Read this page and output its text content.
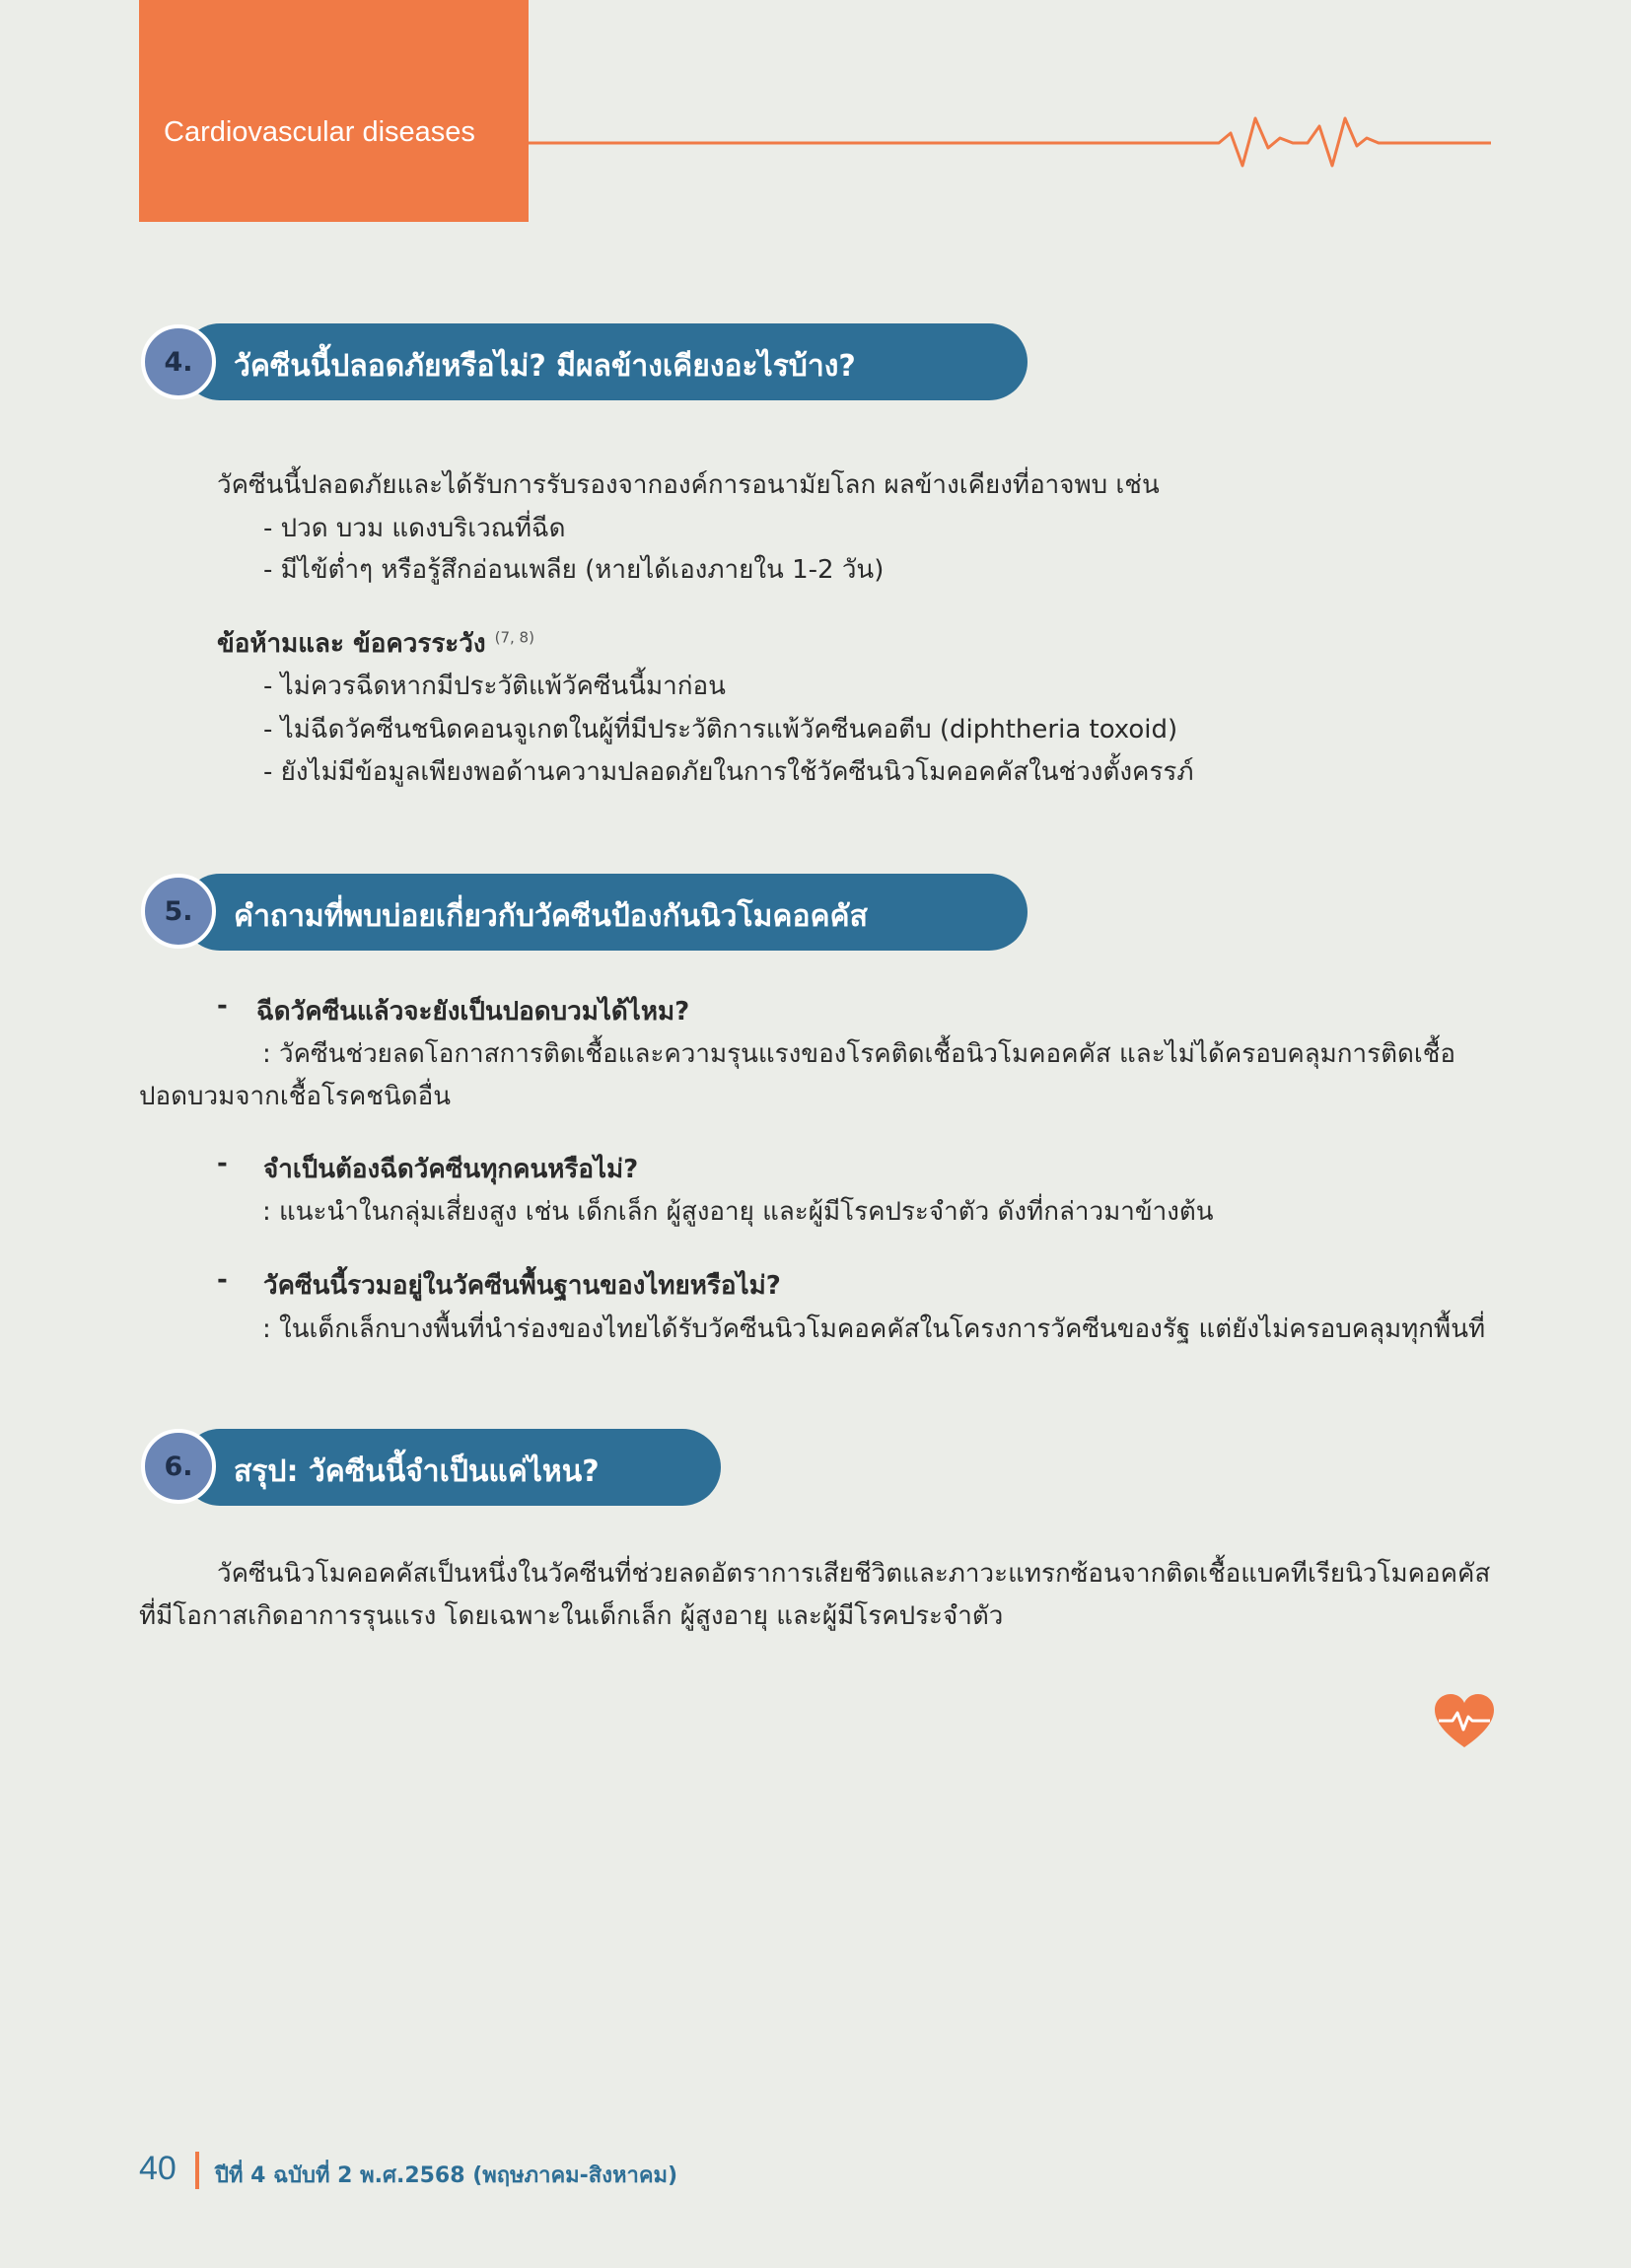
Cardiovascular diseases
4.	วัคซีนนี้ปลอดภัยหรือไม่? มีผลข้างเคียงอะไรบ้าง?
วัคซีนนี้ปลอดภัยและได้รับการรับรองจากองค์การอนามัยโลก ผลข้างเคียงที่อาจพบ เช่น
- ปวด บวม แดงบริเวณที่ฉีด
- มีไข้ต่ำๆ หรือรู้สึกอ่อนเพลีย (หายได้เองภายใน 1-2 วัน)
ข้อห้ามและ ข้อควรระวัง $^{(7, 8)}$
- ไม่ควรฉีดหากมีประวัติแพ้วัคซีนนี้มาก่อน
- ไม่ฉีดวัคซีนชนิดคอนจูเกตในผู้ที่มีประวัติการแพ้วัคซีนคอตีบ (diphtheria toxoid)
- ยังไม่มีข้อมูลเพียงพอด้านความปลอดภัยในการใช้วัคซีนนิวโมคอคคัสในช่วงตั้งครรภ์
5.	คำถามที่พบบ่อยเกี่ยวกับวัคซีนป้องกันนิวโมคอคคัส
- ฉีดวัคซีนแล้วจะยังเป็นปอดบวมได้ไหม?
: วัคซีนช่วยลดโอกาสการติดเชื้อและความรุนแรงของโรคติดเชื้อนิวโมคอคคัส และไม่ได้ครอบคลุมการติดเชื้อ
ปอดบวมจากเชื้อโรคชนิดอื่น
- จำเป็นต้องฉีดวัคซีนทุกคนหรือไม่?
: แนะนำในกลุ่มเสี่ยงสูง เช่น เด็กเล็ก ผู้สูงอายุ และผู้มีโรคประจำตัว ดังที่กล่าวมาข้างต้น
- วัคซีนนี้รวมอยู่ในวัคซีนพื้นฐานของไทยหรือไม่?
: ในเด็กเล็กบางพื้นที่นำร่องของไทยได้รับวัคซีนนิวโมคอคคัสในโครงการวัคซีนของรัฐ แต่ยังไม่ครอบคลุมทุกพื้นที่
6.	สรุป: วัคซีนนี้จำเป็นแค่ไหน?
วัคซีนนิวโมคอคคัสเป็นหนึ่งในวัคซีนที่ช่วยลดอัตราการเสียชีวิตและภาวะแทรกซ้อนจากติดเชื้อแบคทีเรียนิวโมคอคคัส
ที่มีโอกาสเกิดอาการรุนแรง โดยเฉพาะในเด็กเล็ก ผู้สูงอายุ และผู้มีโรคประจำตัว
40 ปีที่ 4 ฉบับที่ 2 พ.ศ.2568 (พฤษภาคม-สิงหาคม)
